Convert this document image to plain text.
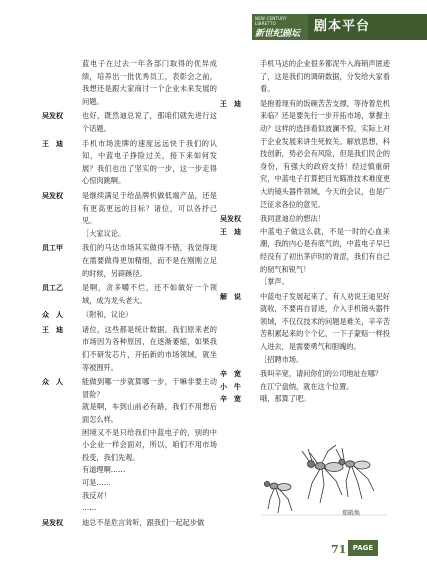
NEW CENTURY LIBRETTO
新世纪剧坛	剧本平台

蓝电子在过去一年各部门取得的优异成绩，培养出一批优秀员工，表彰会之前，我想还是跟大家商讨一个企业未来发展的问题。

吴发权	也好，既然迪总说了，那咱们就先进行这个话题。

王　迪	手机市场洗牌的速度远远快于我们的认知，中蓝电子挣险过关，接下来如何发展？我们也出了坚实的一步，这一步走得心惊肉跳啊。

吴发权	是继续满足于给品牌机做低端产品，还是有更高更远的目标？诸位，可以各抒己见。

［大家议论。

员工甲	我们的马达市场其实做得不错，我觉得现在需要做得更加精细，而不是在刚刚立足的时候，另辟蹊径。

员工乙	是啊，贪多嚼不烂，还不如做好一个领域，成为龙头老大。

众　人	（附和，议论）

王　迪	诸位，这些都是统计数据，我们原来老的市场因为各种原因，在逐渐萎缩，如果我们不研发芯片，开拓新的市场领域，就坐等被围歼。

众　人	能做到哪一步就算哪一步，干嘛非要主动冒险？

就是啊，车到山前必有路，我们不用想后面怎么样。
困境又不是只给我们中蓝电子的，别的中小企业一样会面对，所以，咱们不用市场投变，我们先观。
有道理啊……
可是……
我反对！
……

吴发权	迪总不是危言耸听，跟我们一起起步做

手机马达的企业很多都泥牛入海销声匿迹了，这是我们的调研数据，分发给大家看看。

王　迪	是抱着现有的饭碗苦苦支撑，等待着危机来临？还是要先行一步开拓市场，掌握主动？这样的选择看似波澜不惊，实际上对于企业发展来讲生死攸关。解放思想，科技创新，势必会有风险，但是我们民企的身份，有强大的政府支持！经过慎重研究，中蓝电子打算把目光瞄准技术难度更大的镜头器件领域，今天的会议，也是广泛征求各位的意见。

吴发权	我同意迪总的想法！

王　迪	中蓝电子做这么就，不是一时的心血来潮，我的内心是有底气的，中蓝电子早已经没有了初出茅庐时的青涩，我们有自己的韧气和锐气！

［掌声。

解　说	中蓝电子发展起来了，有人劝说王迪见好就收，不要再自冒进，介入手机镜头器件领域，不仅仅技术的问题是难关，辛辛苦苦积累起来的个个亿，一下子蒙赔一样投入进去，是需要勇气和胆魄的。

［招聘市场。

辛　宽	我叫辛宽，请问你们的公司地址在哪？

小　牛	在江宁盘纳，就在这个位置。

辛　宽	哦，那算了吧。

郑殿焕
71 PAGE
